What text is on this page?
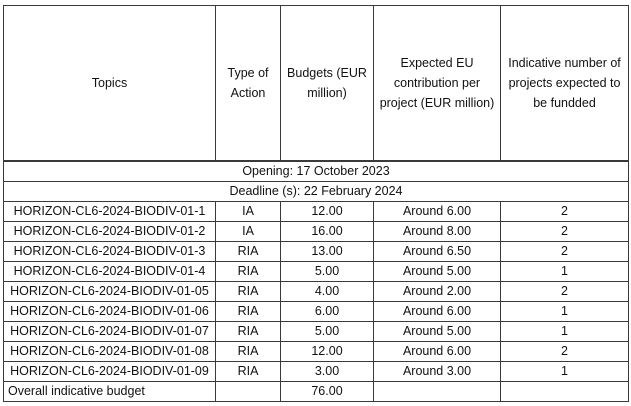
Topics	Type of Action	Budgets (EUR million)	Expected EU contribution per project (EUR million)	Indicative number of projects expected to be fundded
Opening: 17 October 2023				
Deadline (s): 22 February 2024				
HORIZON-CL6-2024-BIODIV-01-1	IA	12.00	Around 6.00	2
HORIZON-CL6-2024-BIODIV-01-2	IA	16.00	Around 8.00	2
HORIZON-CL6-2024-BIODIV-01-3	RIA	13.00	Around 6.50	2
HORIZON-CL6-2024-BIODIV-01-4	RIA	5.00	Around 5.00	1
HORIZON-CL6-2024-BIODIV-01-05	RIA	4.00	Around 2.00	2
HORIZON-CL6-2024-BIODIV-01-06	RIA	6.00	Around 6.00	1
HORIZON-CL6-2024-BIODIV-01-07	RIA	5.00	Around 5.00	1
HORIZON-CL6-2024-BIODIV-01-08	RIA	12.00	Around 6.00	2
HORIZON-CL6-2024-BIODIV-01-09	RIA	3.00	Around 3.00	1
Overall indicative budget		76.00		
